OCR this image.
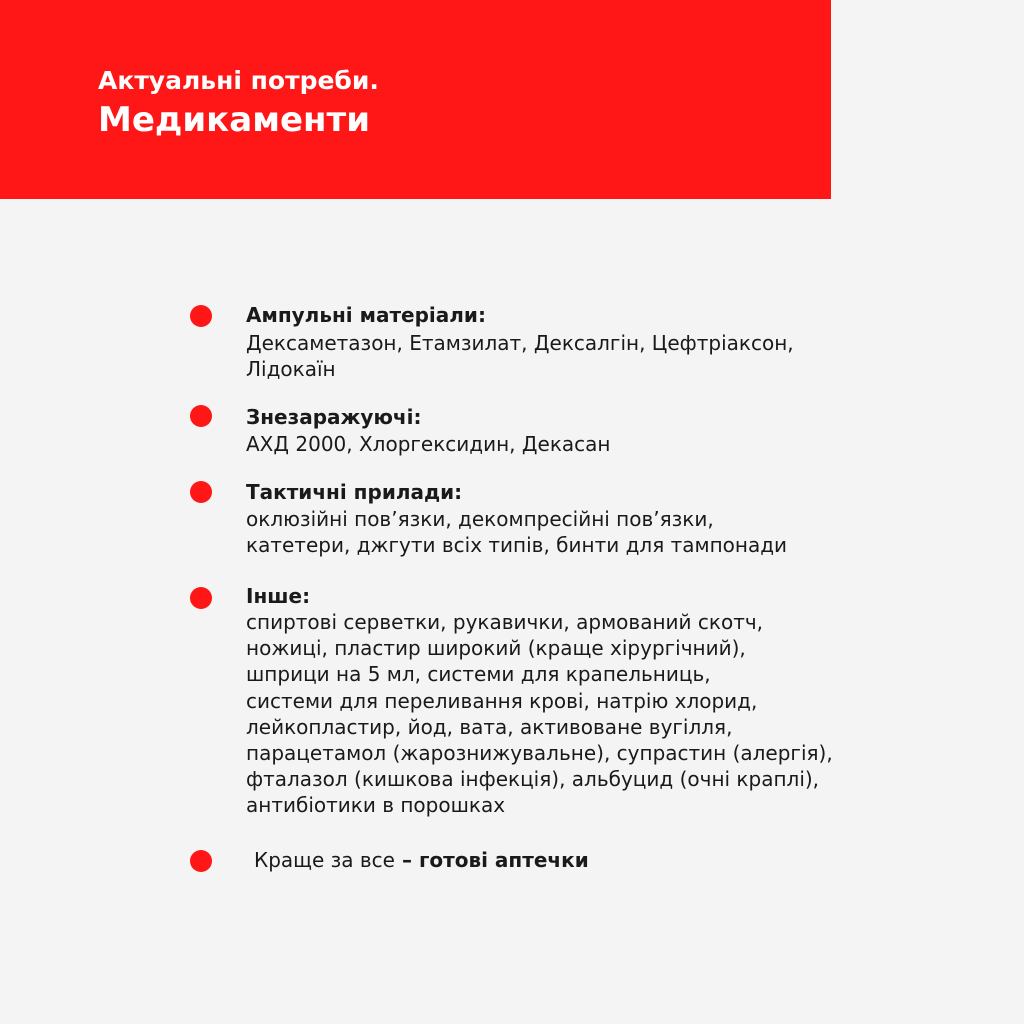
Актуальні потреби.
Медикаменти
Ампульні матеріали:
Дексаметазон, Етамзилат, Дексалгін, Цефтріаксон,
Лідокаїн
Знезаражуючі:
АХД 2000, Хлоргексидин, Декасан
Тактичні прилади:
оклюзійні пов’язки, декомпресійні пов’язки,
катетери, джгути всіх типів, бинти для тампонади
Інше:
спиртові серветки, рукавички, армований скотч,
ножиці, пластир широкий (краще хірургічний),
шприци на 5 мл, системи для крапельниць,
системи для переливання крові, натрію хлорид,
лейкопластир, йод, вата, активоване вугілля,
парацетамол (жарознижувальне), супрастин (алергія),
фталазол (кишкова інфекція), альбуцид (очні краплі),
антибіотики в порошках
Краще за все – готові аптечки
